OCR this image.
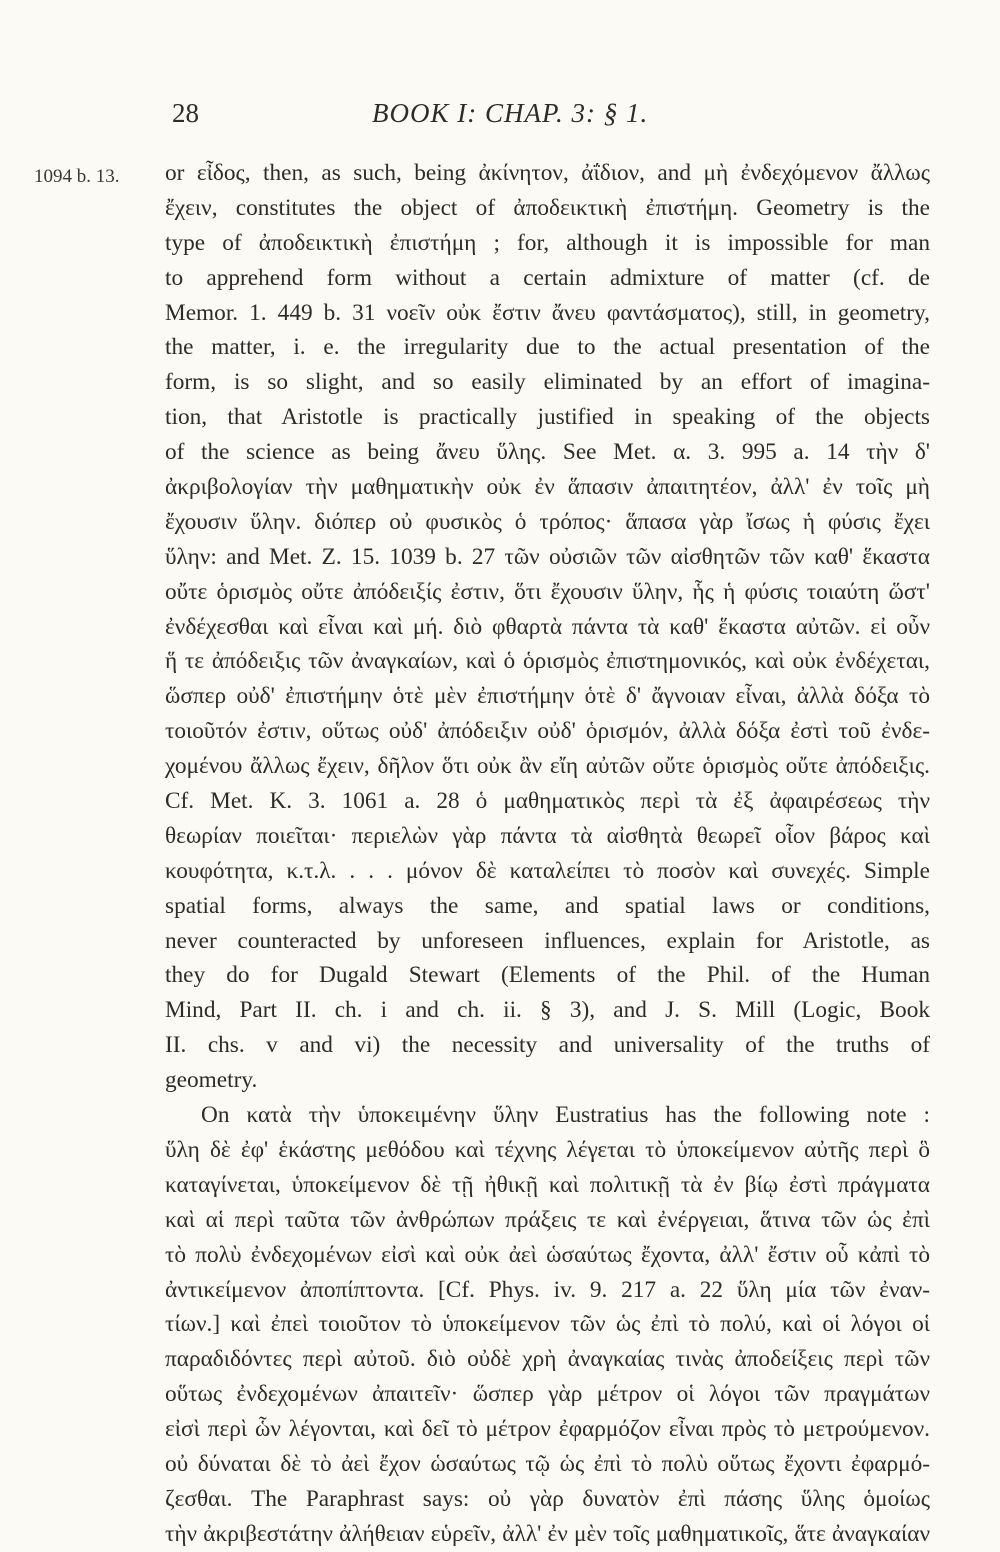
28	BOOK I: CHAP. 3: § 1.
1094 b. 13. or εἶδος, then, as such, being ἀκίνητον, ἀΐδιον, and μὴ ἐνδεχόμενον ἄλλως
ἔχειν, constitutes the object of ἀποδεικτικὴ ἐπιστήμη. Geometry is the
type of ἀποδεικτικὴ ἐπιστήμη ; for, although it is impossible for man
to apprehend form without a certain admixture of matter (cf. de
Memor. 1. 449 b. 31 νοεῖν οὐκ ἔστιν ἄνευ φαντάσματος), still, in geometry,
the matter, i. e. the irregularity due to the actual presentation of the
form, is so slight, and so easily eliminated by an effort of imagina-
tion, that Aristotle is practically justified in speaking of the objects
of the science as being ἄνευ ὕλης. See Met. α. 3. 995 a. 14 τὴν δ'
ἀκριβολογίαν τὴν μαθηματικὴν οὐκ ἐν ἅπασιν ἀπαιτητέον, ἀλλ' ἐν τοῖς μὴ
ἔχουσιν ὕλην. διόπερ οὐ φυσικὸς ὁ τρόπος· ἅπασα γὰρ ἴσως ἡ φύσις ἔχει
ὕλην: and Met. Z. 15. 1039 b. 27 τῶν οὐσιῶν τῶν αἰσθητῶν τῶν καθ' ἕκαστα
οὔτε ὁρισμὸς οὔτε ἀπόδειξίς ἐστιν, ὅτι ἔχουσιν ὕλην, ἧς ἡ φύσις τοιαύτη ὥστ'
ἐνδέχεσθαι καὶ εἶναι καὶ μή. διὸ φθαρτὰ πάντα τὰ καθ' ἕκαστα αὐτῶν. εἰ οὖν
ἥ τε ἀπόδειξις τῶν ἀναγκαίων, καὶ ὁ ὁρισμὸς ἐπιστημονικός, καὶ οὐκ ἐνδέχεται,
ὥσπερ οὐδ' ἐπιστήμην ὁτὲ μὲν ἐπιστήμην ὁτὲ δ' ἄγνοιαν εἶναι, ἀλλὰ δόξα τὸ
τοιοῦτόν ἐστιν, οὕτως οὐδ' ἀπόδειξιν οὐδ' ὁρισμόν, ἀλλὰ δόξα ἐστὶ τοῦ ἐνδε-
χομένου ἄλλως ἔχειν, δῆλον ὅτι οὐκ ἂν εἴη αὐτῶν οὔτε ὁρισμὸς οὔτε ἀπόδειξις.
Cf. Met. K. 3. 1061 a. 28 ὁ μαθηματικὸς περὶ τὰ ἐξ ἀφαιρέσεως τὴν
θεωρίαν ποιεῖται· περιελὼν γὰρ πάντα τὰ αἰσθητὰ θεωρεῖ οἷον βάρος καὶ
κουφότητα, κ.τ.λ. . . . μόνον δὲ καταλείπει τὸ ποσὸν καὶ συνεχές. Simple
spatial forms, always the same, and spatial laws or conditions,
never counteracted by unforeseen influences, explain for Aristotle, as
they do for Dugald Stewart (Elements of the Phil. of the Human
Mind, Part II. ch. i and ch. ii. § 3), and J. S. Mill (Logic, Book
II. chs. v and vi) the necessity and universality of the truths of
geometry.
On κατὰ τὴν ὑποκειμένην ὕλην Eustratius has the following note :
ὕλη δὲ ἐφ' ἑκάστης μεθόδου καὶ τέχνης λέγεται τὸ ὑποκείμενον αὐτῆς περὶ ὃ
καταγίνεται, ὑποκείμενον δὲ τῇ ἠθικῇ καὶ πολιτικῇ τὰ ἐν βίῳ ἐστὶ πράγματα
καὶ αἱ περὶ ταῦτα τῶν ἀνθρώπων πράξεις τε καὶ ἐνέργειαι, ἅτινα τῶν ὡς ἐπὶ
τὸ πολὺ ἐνδεχομένων εἰσὶ καὶ οὐκ ἀεὶ ὡσαύτως ἔχοντα, ἀλλ' ἔστιν οὗ κἀπὶ τὸ
ἀντικείμενον ἀποπίπτοντα. [Cf. Phys. iv. 9. 217 a. 22 ὕλη μία τῶν ἐναν-
τίων.] καὶ ἐπεὶ τοιοῦτον τὸ ὑποκείμενον τῶν ὡς ἐπὶ τὸ πολύ, καὶ οἱ λόγοι οἱ
παραδιδόντες περὶ αὐτοῦ. διὸ οὐδὲ χρὴ ἀναγκαίας τινὰς ἀποδείξεις περὶ τῶν
οὕτως ἐνδεχομένων ἀπαιτεῖν· ὥσπερ γὰρ μέτρον οἱ λόγοι τῶν πραγμάτων
εἰσὶ περὶ ὧν λέγονται, καὶ δεῖ τὸ μέτρον ἐφαρμόζον εἶναι πρὸς τὸ μετρούμενον.
οὐ δύναται δὲ τὸ ἀεὶ ἔχον ὡσαύτως τῷ ὡς ἐπὶ τὸ πολὺ οὕτως ἔχοντι ἐφαρμό-
ζεσθαι. The Paraphrast says: οὐ γὰρ δυνατὸν ἐπὶ πάσης ὕλης ὁμοίως
τὴν ἀκριβεστάτην ἀλήθειαν εὑρεῖν, ἀλλ' ἐν μὲν τοῖς μαθηματικοῖς, ἅτε ἀναγκαίαν
